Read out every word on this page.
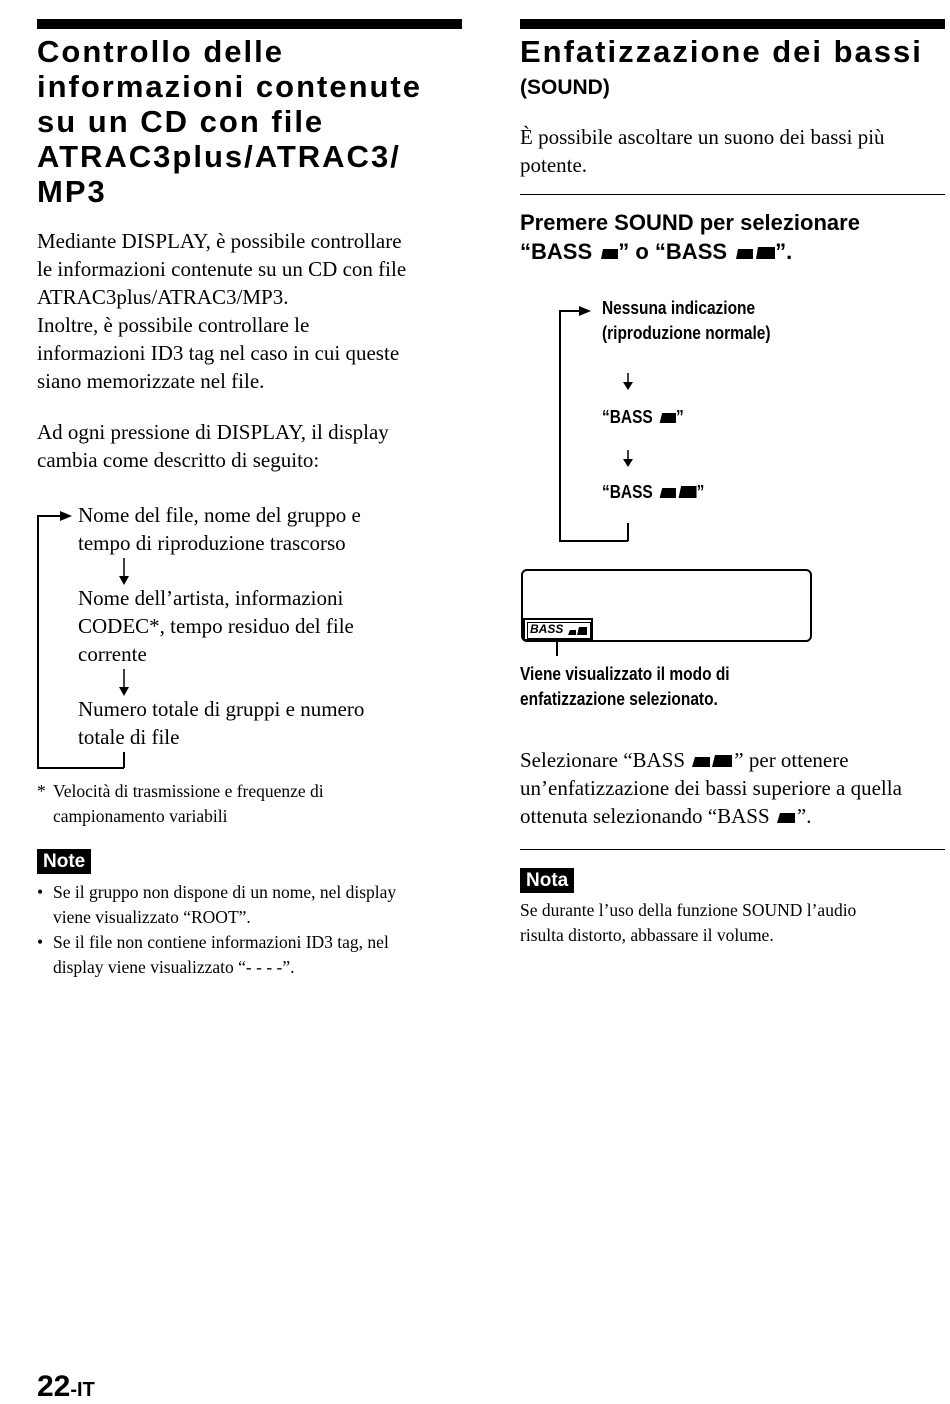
Controllo delle
informazioni contenute
su un CD con file
ATRAC3plus/ATRAC3/
MP3
Mediante DISPLAY, è possibile controllare
le informazioni contenute su un CD con file
ATRAC3plus/ATRAC3/MP3.
Inoltre, è possibile controllare le
informazioni ID3 tag nel caso in cui queste
siano memorizzate nel file.
Ad ogni pressione di DISPLAY, il display
cambia come descritto di seguito:
Nome del file, nome del gruppo e
tempo di riproduzione trascorso
Nome dell’artista, informazioni
CODEC*, tempo residuo del file
corrente
Numero totale di gruppi e numero
totale di file
* Velocità di trasmissione e frequenze di
campionamento variabili
Note
• Se il gruppo non dispone di un nome, nel display
viene visualizzato “ROOT”.
• Se il file non contiene informazioni ID3 tag, nel
display viene visualizzato “- - - -”.
Enfatizzazione dei bassi
(SOUND)
È possibile ascoltare un suono dei bassi più
potente.
Premere SOUND per selezionare
“BASS ” o “BASS ”.
Nessuna indicazione
(riproduzione normale)
“BASS ”
“BASS ”
BASS
Viene visualizzato il modo di
enfatizzazione selezionato.
Selezionare “BASS ” per ottenere
un’enfatizzazione dei bassi superiore a quella
ottenuta selezionando “BASS ”.
Nota
Se durante l’uso della funzione SOUND l’audio
risulta distorto, abbassare il volume.
22-IT
